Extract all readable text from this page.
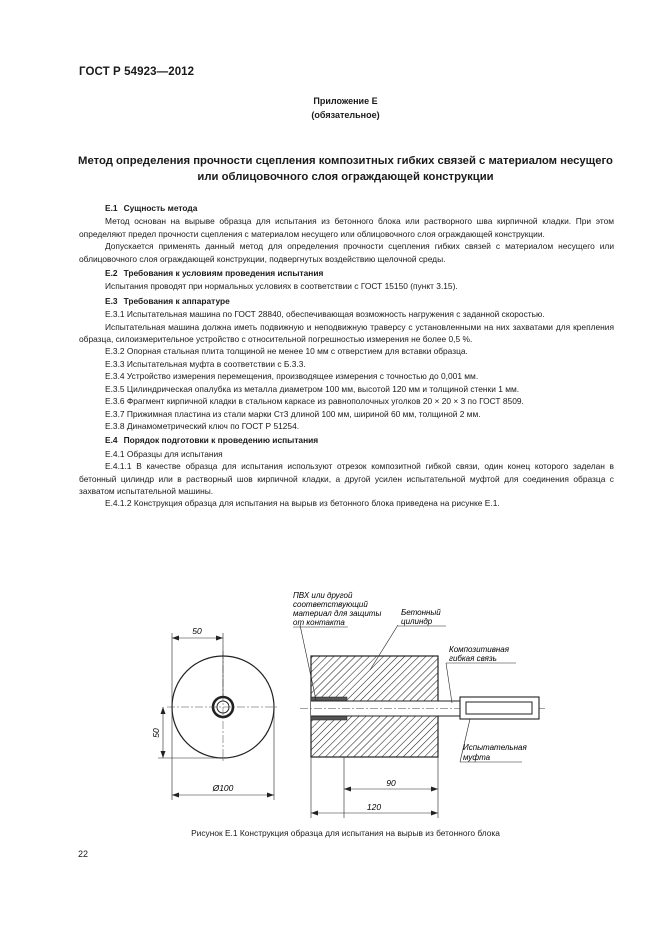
ГОСТ Р 54923—2012
Приложение Е
(обязательное)
Метод определения прочности сцепления композитных гибких связей с материалом несущего
или облицовочного слоя ограждающей конструкции

Е.1 Сущность метода

Метод основан на вырыве образца для испытания из бетонного блока или растворного шва кирпичной кладки. При этом определяют предел прочности сцепления с материалом несущего или облицовочного слоя ограждающей конструкции.

Допускается применять данный метод для определения прочности сцепления гибких связей с материалом несущего или облицовочного слоя ограждающей конструкции, подвергнутых воздействию щелочной среды.

Е.2 Требования к условиям проведения испытания

Испытания проводят при нормальных условиях в соответствии с ГОСТ 15150 (пункт 3.15).

Е.3 Требования к аппаратуре

Е.3.1 Испытательная машина по ГОСТ 28840, обеспечивающая возможность нагружения с заданной скоростью.

Испытательная машина должна иметь подвижную и неподвижную траверсу с установленными на них захватами для крепления образца, силоизмерительное устройство с относительной погрешностью измерения не более 0,5 %.

Е.3.2 Опорная стальная плита толщиной не менее 10 мм с отверстием для вставки образца.

Е.3.3 Испытательная муфта в соответствии с Б.3.3.

Е.3.4 Устройство измерения перемещения, производящее измерения с точностью до 0,001 мм.

Е.3.5 Цилиндрическая опалубка из металла диаметром 100 мм, высотой 120 мм и толщиной стенки 1 мм.

Е.3.6 Фрагмент кирпичной кладки в стальном каркасе из равнополочных уголков 20 × 20 × 3 по ГОСТ 8509.

Е.3.7 Прижимная пластина из стали марки Ст3 длиной 100 мм, шириной 60 мм, толщиной 2 мм.

Е.3.8 Динамометрический ключ по ГОСТ Р 51254.

Е.4 Порядок подготовки к проведению испытания

Е.4.1 Образцы для испытания

Е.4.1.1 В качестве образца для испытания используют отрезок композитной гибкой связи, один конец которого заделан в бетонный цилиндр или в растворный шов кирпичной кладки, а другой усилен испытательной муфтой для соединения образца с захватом испытательной машины.

Е.4.1.2 Конструкция образца для испытания на вырыв из бетонного блока приведена на рисунке Е.1.

50
50
Ø100
ПВХ или другой
соответствующий
материал для защиты
от контакта
Бетонный
цилиндр
Композитивная
гибкая связь
Испытательная
муфта
90
120
Рисунок Е.1 Конструкция образца для испытания на вырыв из бетонного блока
22
